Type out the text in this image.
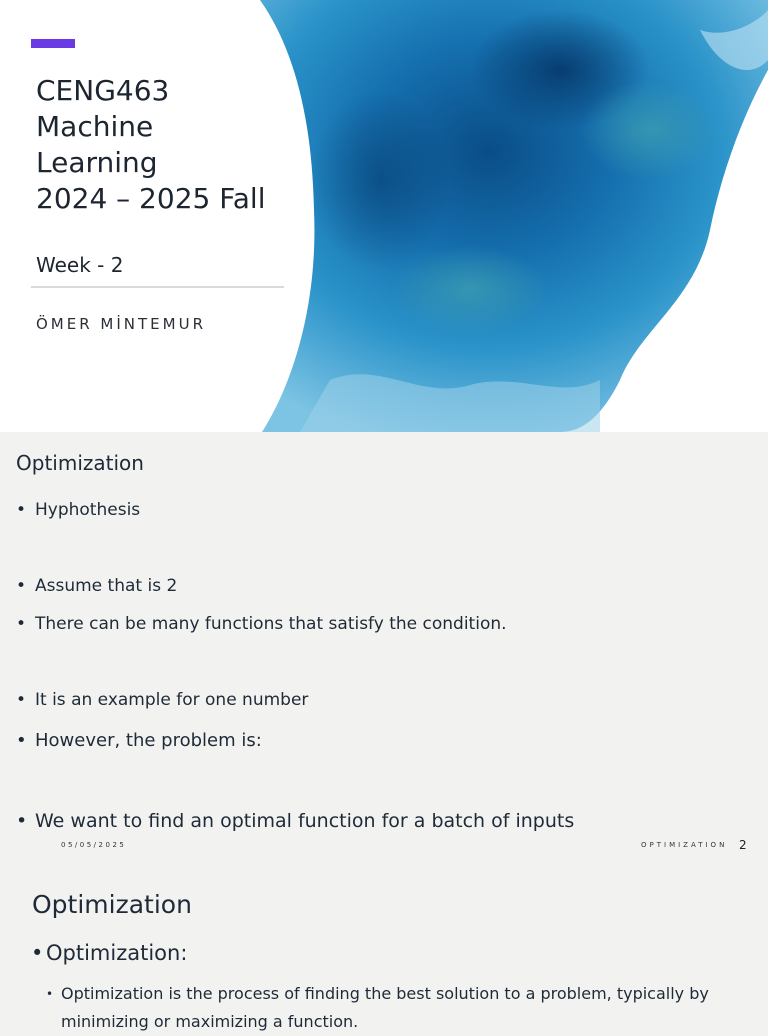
CENG463
Machine
Learning
2024 – 2025 Fall
Week - 2
ÖMER MİNTEMUR
Optimization
• Hyphothesis
• Assume that is 2
• There can be many functions that satisfy the condition.
• It is an example for one number
• However, the problem is:
• We want to find an optimal function for a batch of inputs
05/05/2025	OPTIMIZATION 2
Optimization
• Optimization:
• Optimization is the process of finding the best solution to a problem, typically by minimizing or maximizing a function.
